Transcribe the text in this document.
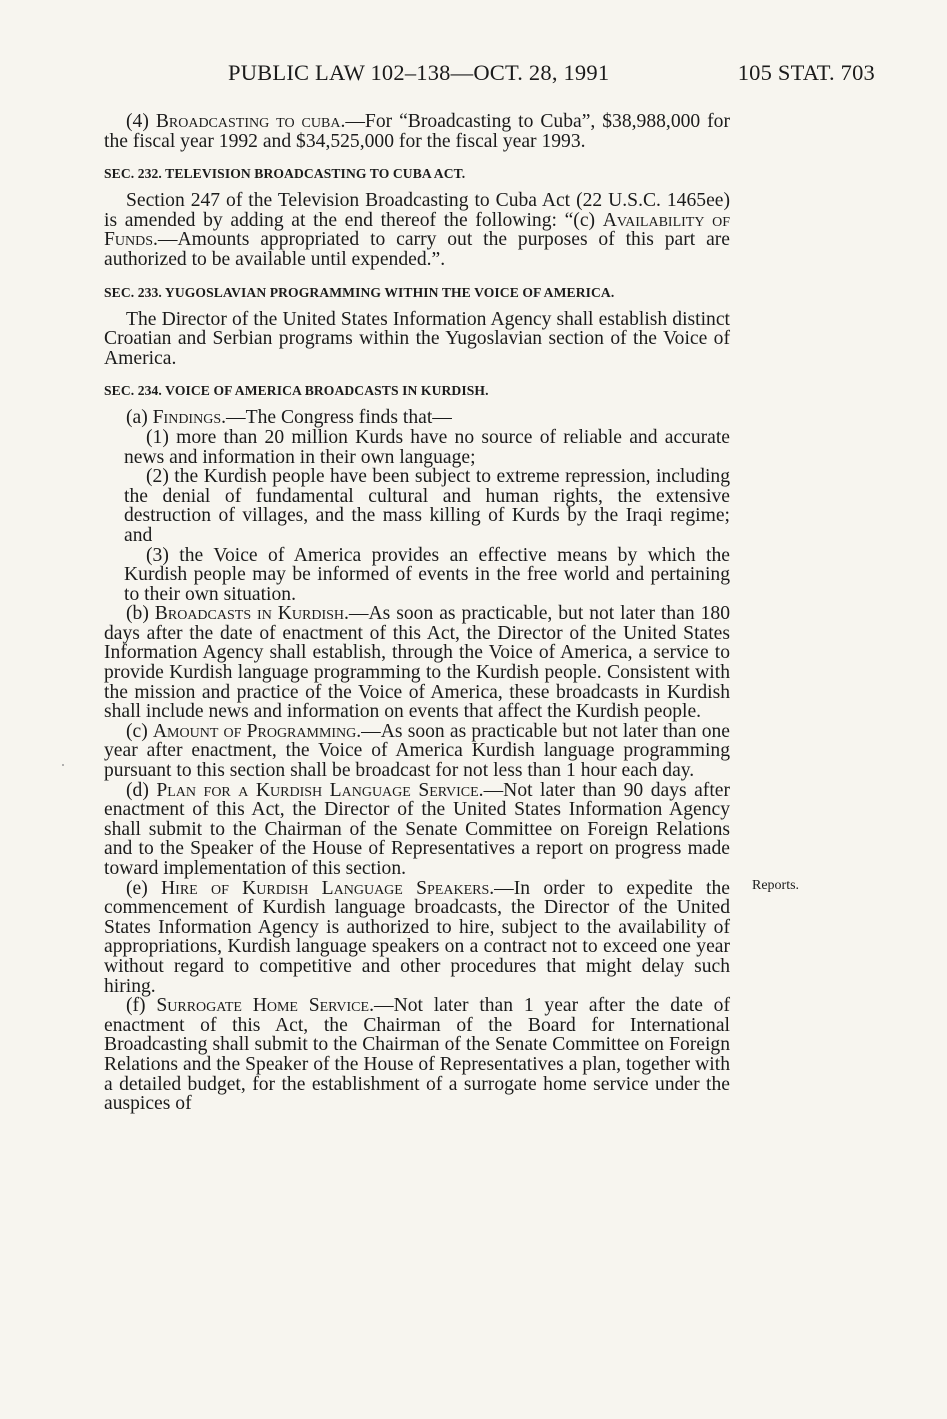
PUBLIC LAW 102–138—OCT. 28, 1991	105 STAT. 703
Reports.

(4) Broadcasting to cuba.—For “Broadcasting to Cuba”, $38,988,000 for the fiscal year 1992 and $34,525,000 for the fiscal year 1993.

SEC. 232. TELEVISION BROADCASTING TO CUBA ACT.

Section 247 of the Television Broadcasting to Cuba Act (22 U.S.C. 1465ee) is amended by adding at the end thereof the following: “(c) Availability of Funds.—Amounts appropriated to carry out the purposes of this part are authorized to be available until expended.”.

SEC. 233. YUGOSLAVIAN PROGRAMMING WITHIN THE VOICE OF AMERICA.

The Director of the United States Information Agency shall establish distinct Croatian and Serbian programs within the Yugoslavian section of the Voice of America.

SEC. 234. VOICE OF AMERICA BROADCASTS IN KURDISH.

(a) Findings.—The Congress finds that—

(1) more than 20 million Kurds have no source of reliable and accurate news and information in their own language;

(2) the Kurdish people have been subject to extreme repression, including the denial of fundamental cultural and human rights, the extensive destruction of villages, and the mass killing of Kurds by the Iraqi regime; and

(3) the Voice of America provides an effective means by which the Kurdish people may be informed of events in the free world and pertaining to their own situation.

(b) Broadcasts in Kurdish.—As soon as practicable, but not later than 180 days after the date of enactment of this Act, the Director of the United States Information Agency shall establish, through the Voice of America, a service to provide Kurdish language programming to the Kurdish people. Consistent with the mission and practice of the Voice of America, these broadcasts in Kurdish shall include news and information on events that affect the Kurdish people.

(c) Amount of Programming.—As soon as practicable but not later than one year after enactment, the Voice of America Kurdish language programming pursuant to this section shall be broadcast for not less than 1 hour each day.

(d) Plan for a Kurdish Language Service.—Not later than 90 days after enactment of this Act, the Director of the United States Information Agency shall submit to the Chairman of the Senate Committee on Foreign Relations and to the Speaker of the House of Representatives a report on progress made toward implementation of this section.

(e) Hire of Kurdish Language Speakers.—In order to expedite the commencement of Kurdish language broadcasts, the Director of the United States Information Agency is authorized to hire, subject to the availability of appropriations, Kurdish language speakers on a contract not to exceed one year without regard to competitive and other procedures that might delay such hiring.

(f) Surrogate Home Service.—Not later than 1 year after the date of enactment of this Act, the Chairman of the Board for International Broadcasting shall submit to the Chairman of the Senate Committee on Foreign Relations and the Speaker of the House of Representatives a plan, together with a detailed budget, for the establishment of a surrogate home service under the auspices of
